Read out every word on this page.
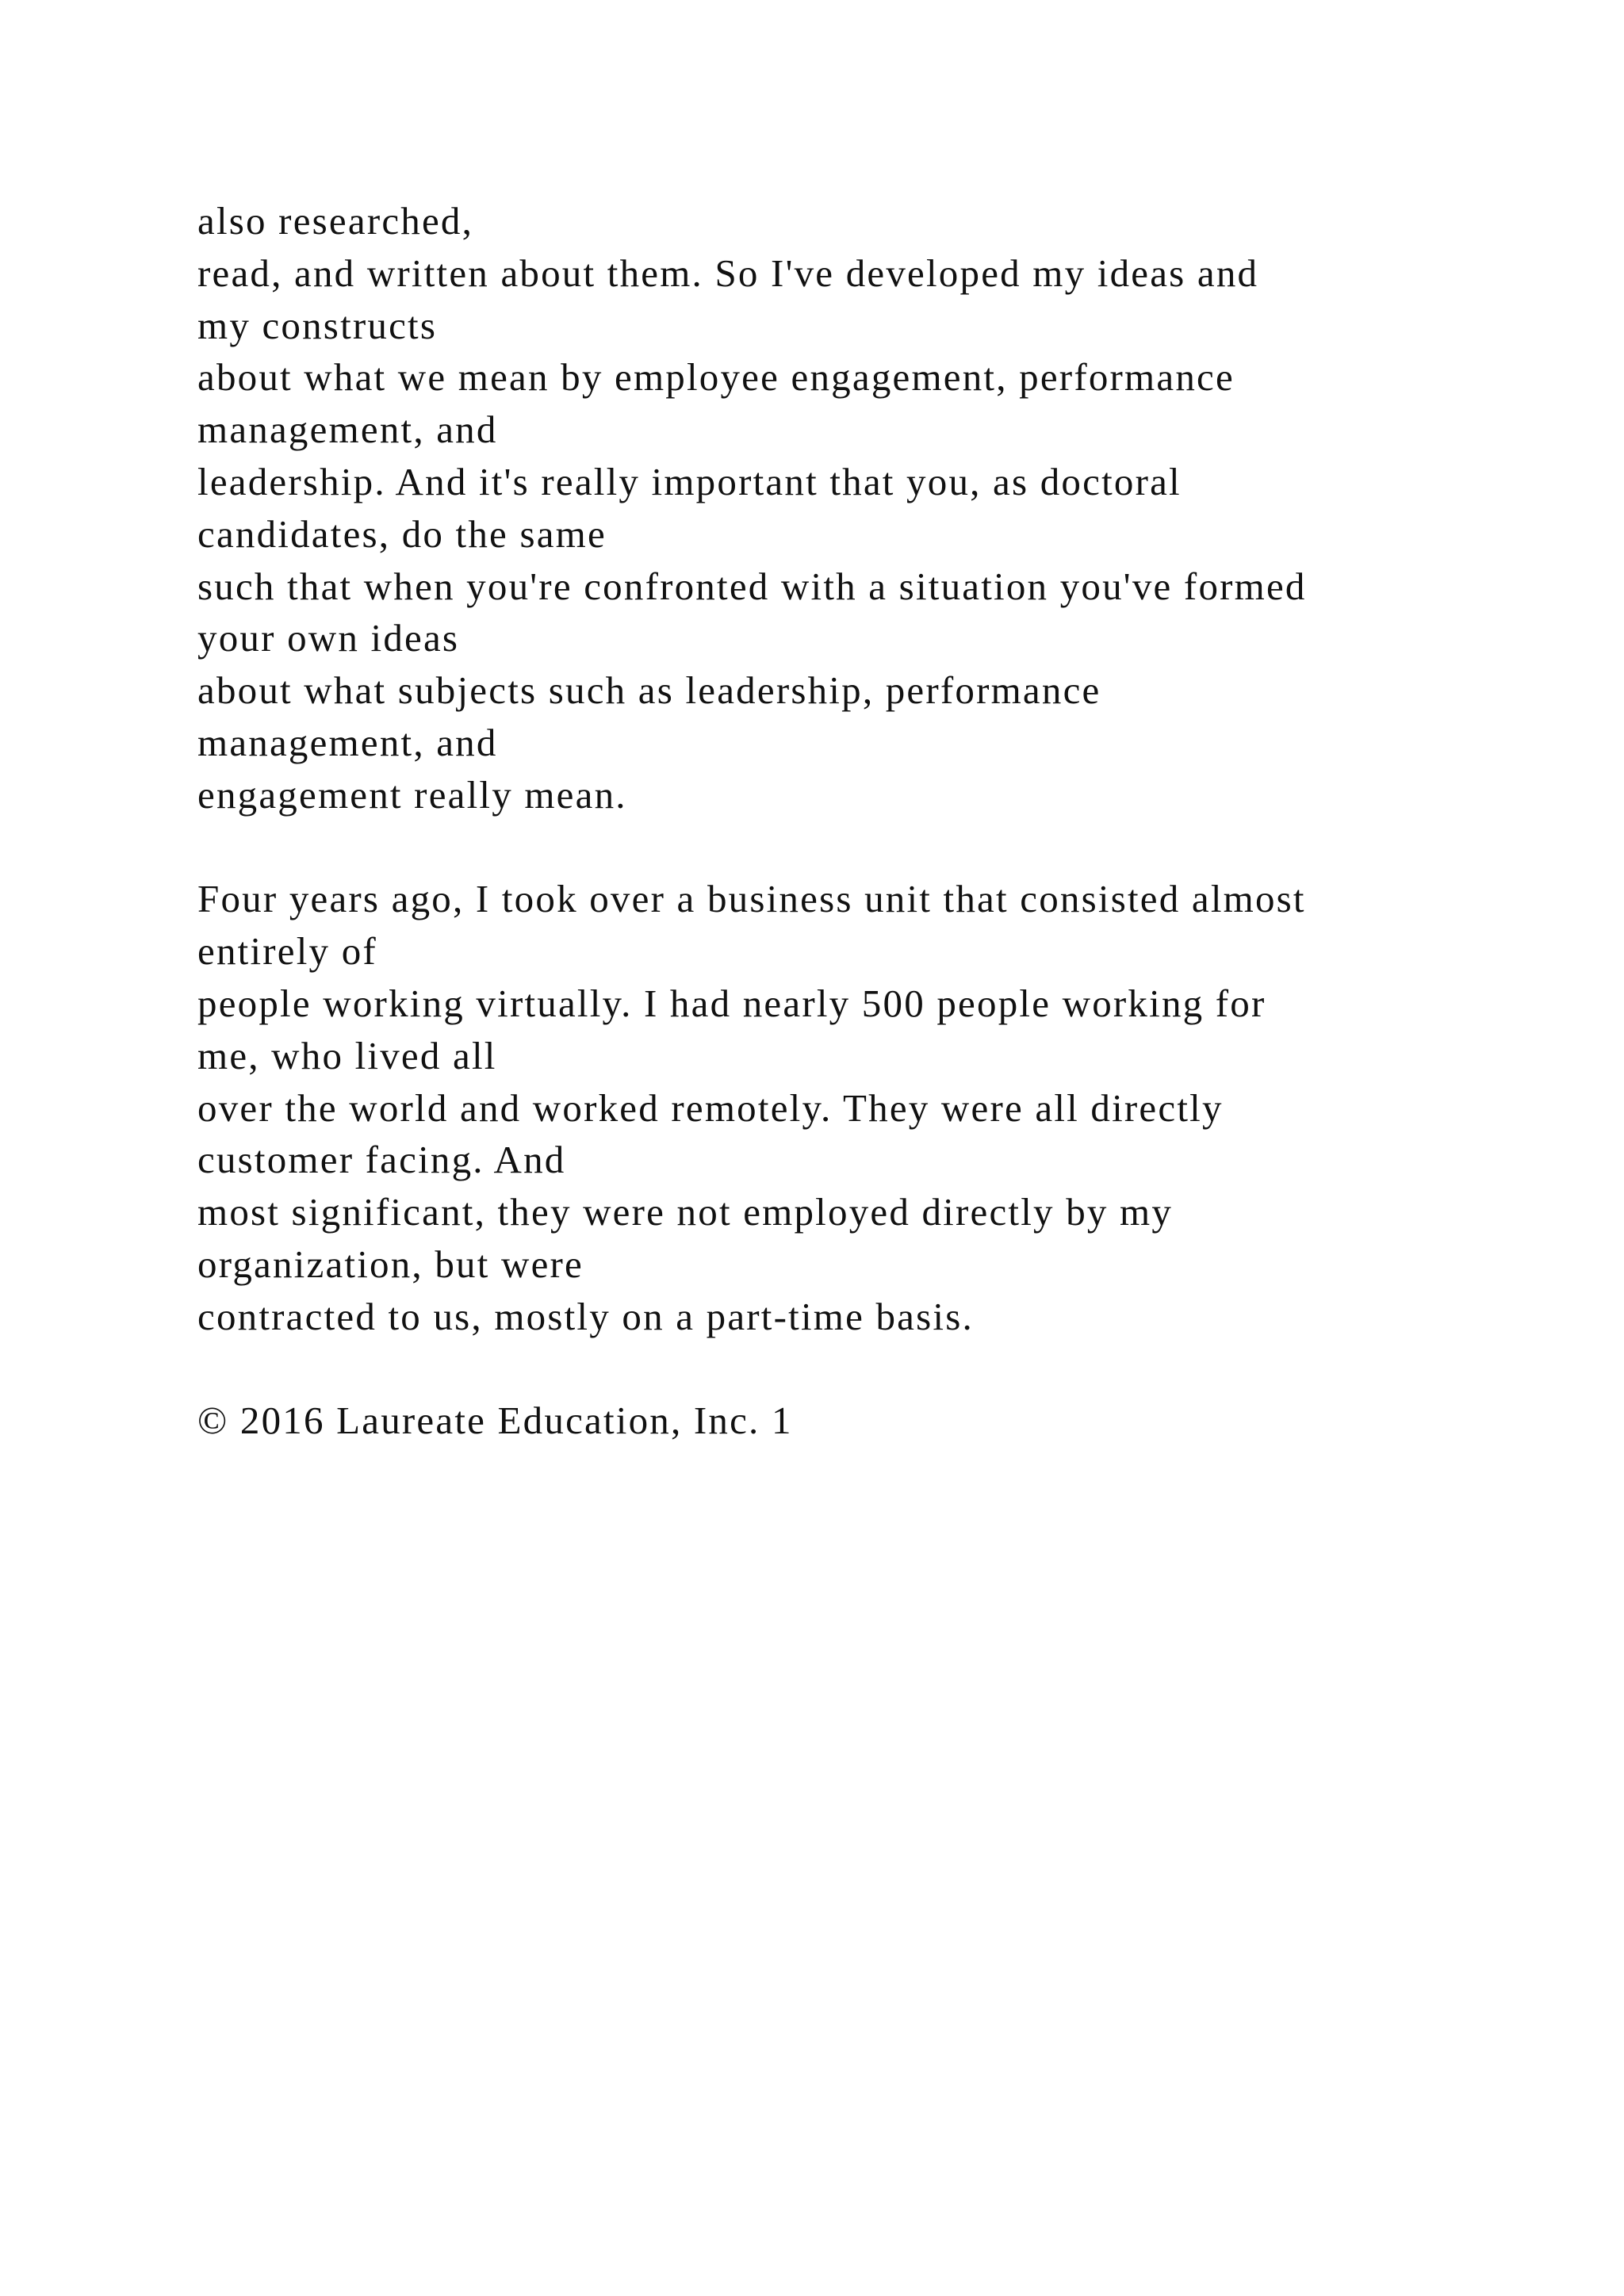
also researched,
read, and written about them. So I've developed my ideas and
my constructs
about what we mean by employee engagement, performance
management, and
leadership. And it's really important that you, as doctoral
candidates, do the same
such that when you're confronted with a situation you've formed
your own ideas
about what subjects such as leadership, performance
management, and
engagement really mean.
Four years ago, I took over a business unit that consisted almost
entirely of
people working virtually. I had nearly 500 people working for
me, who lived all
over the world and worked remotely. They were all directly
customer facing. And
most significant, they were not employed directly by my
organization, but were
contracted to us, mostly on a part-time basis.
© 2016 Laureate Education, Inc. 1
